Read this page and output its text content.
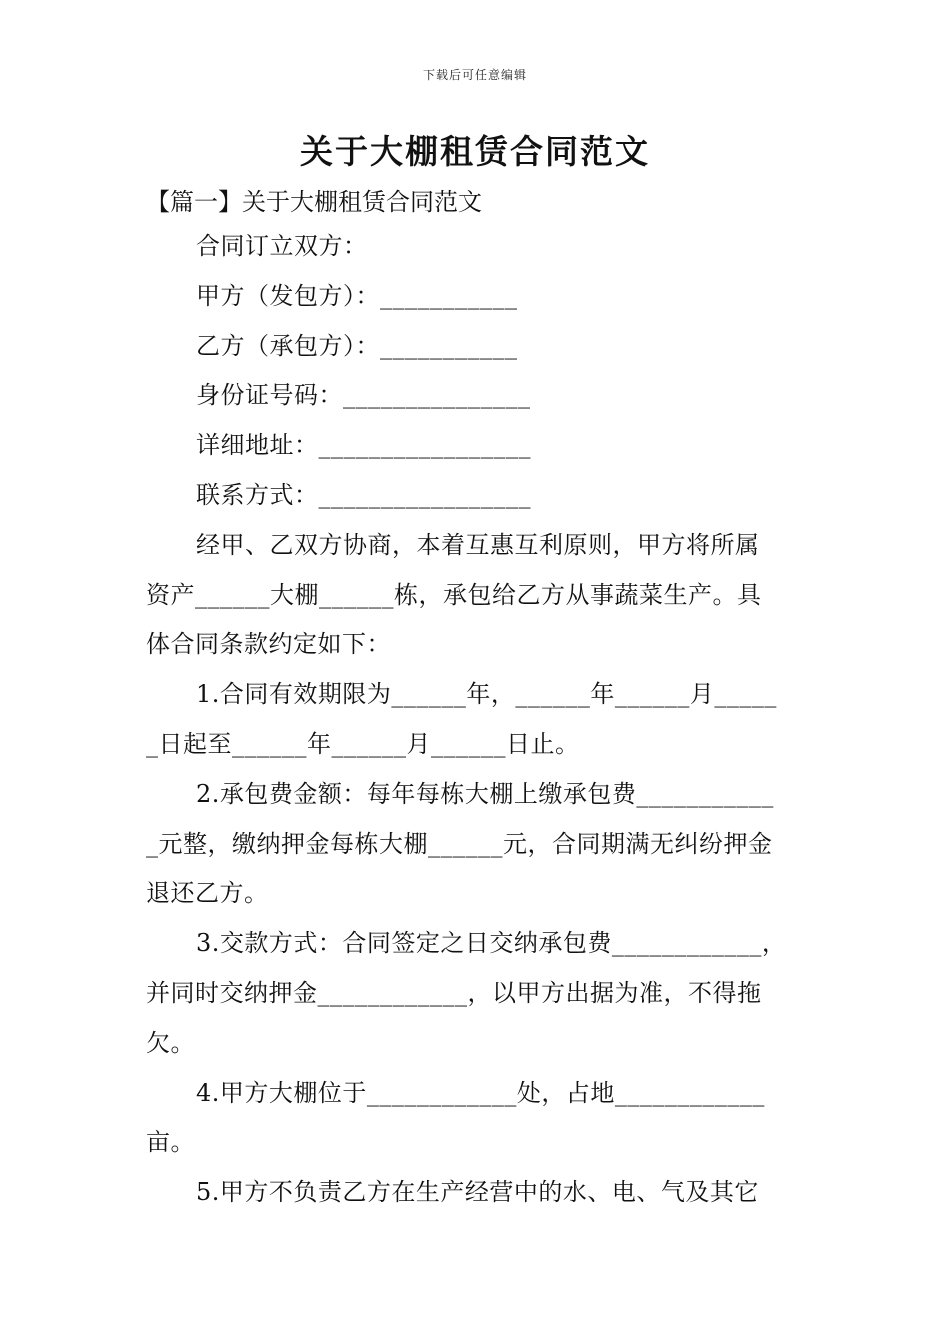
下载后可任意编辑
关于大棚租赁合同范文
【篇一】关于大棚租赁合同范文
合同订立双方：
甲方（发包方）：___________
乙方（承包方）：___________
身份证号码：_______________
详细地址：_________________
联系方式：_________________
经甲、乙双方协商，本着互惠互利原则，甲方将所属
资产______大棚______栋，承包给乙方从事蔬菜生产。具
体合同条款约定如下：
1.合同有效期限为______年，______年______月_____
_日起至______年______月______日止。
2.承包费金额：每年每栋大棚上缴承包费___________
_元整，缴纳押金每栋大棚______元，合同期满无纠纷押金
退还乙方。
3.交款方式：合同签定之日交纳承包费____________，
并同时交纳押金____________，以甲方出据为准，不得拖
欠。
4.甲方大棚位于____________处，占地____________
亩。
5.甲方不负责乙方在生产经营中的水、电、气及其它
